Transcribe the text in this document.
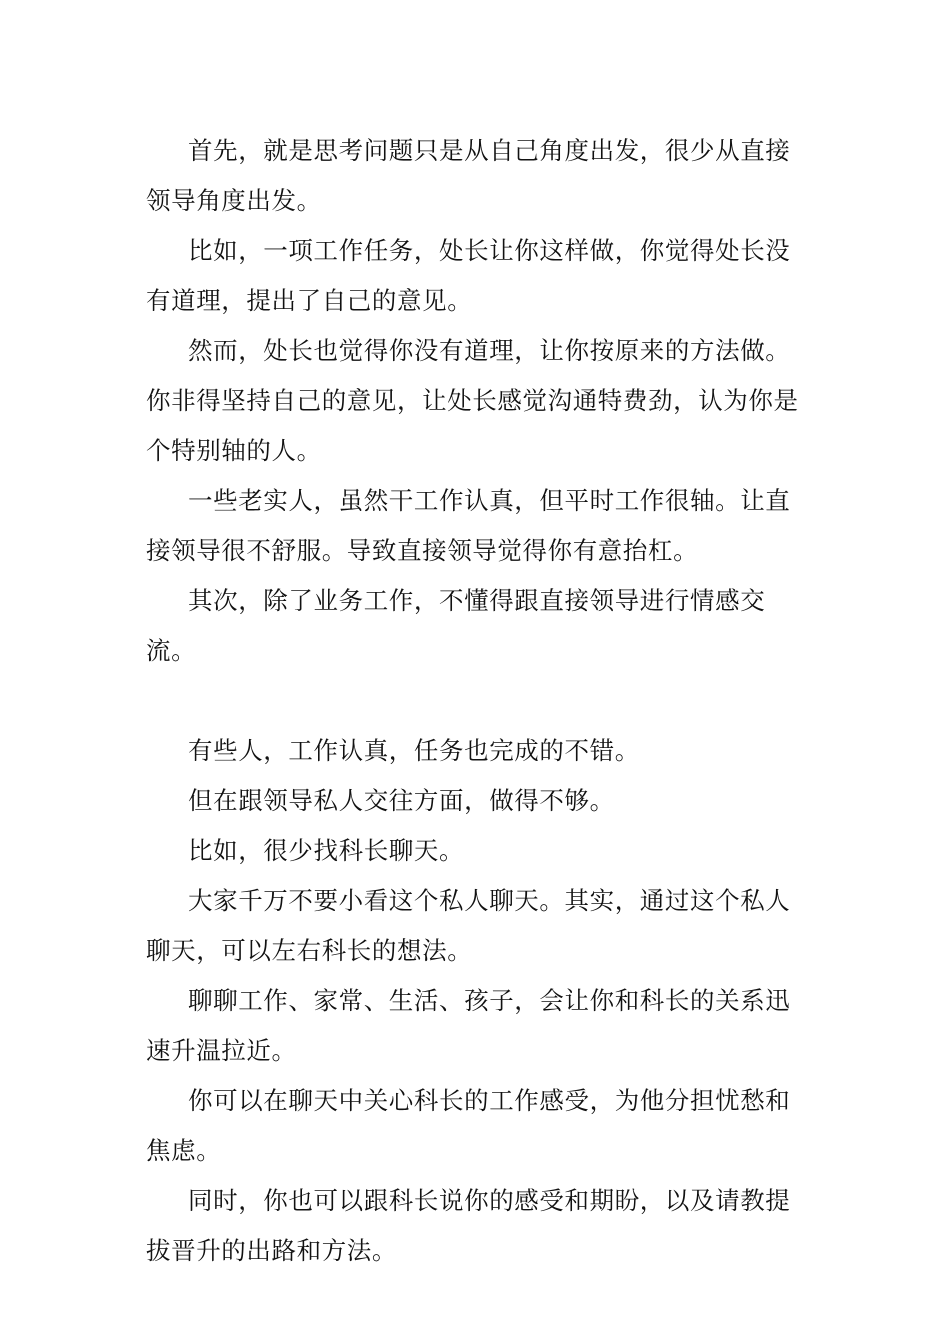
首先，就是思考问题只是从自己角度出发，很少从直接领导角度出发。

比如，一项工作任务，处长让你这样做，你觉得处长没有道理，提出了自己的意见。

然而，处长也觉得你没有道理，让你按原来的方法做。你非得坚持自己的意见，让处长感觉沟通特费劲，认为你是个特别轴的人。

一些老实人，虽然干工作认真，但平时工作很轴。让直接领导很不舒服。导致直接领导觉得你有意抬杠。

其次，除了业务工作，不懂得跟直接领导进行情感交流。

有些人，工作认真，任务也完成的不错。

但在跟领导私人交往方面，做得不够。

比如，很少找科长聊天。

大家千万不要小看这个私人聊天。其实，通过这个私人聊天，可以左右科长的想法。

聊聊工作、家常、生活、孩子，会让你和科长的关系迅速升温拉近。

你可以在聊天中关心科长的工作感受，为他分担忧愁和焦虑。

同时，你也可以跟科长说你的感受和期盼，以及请教提拔晋升的出路和方法。
